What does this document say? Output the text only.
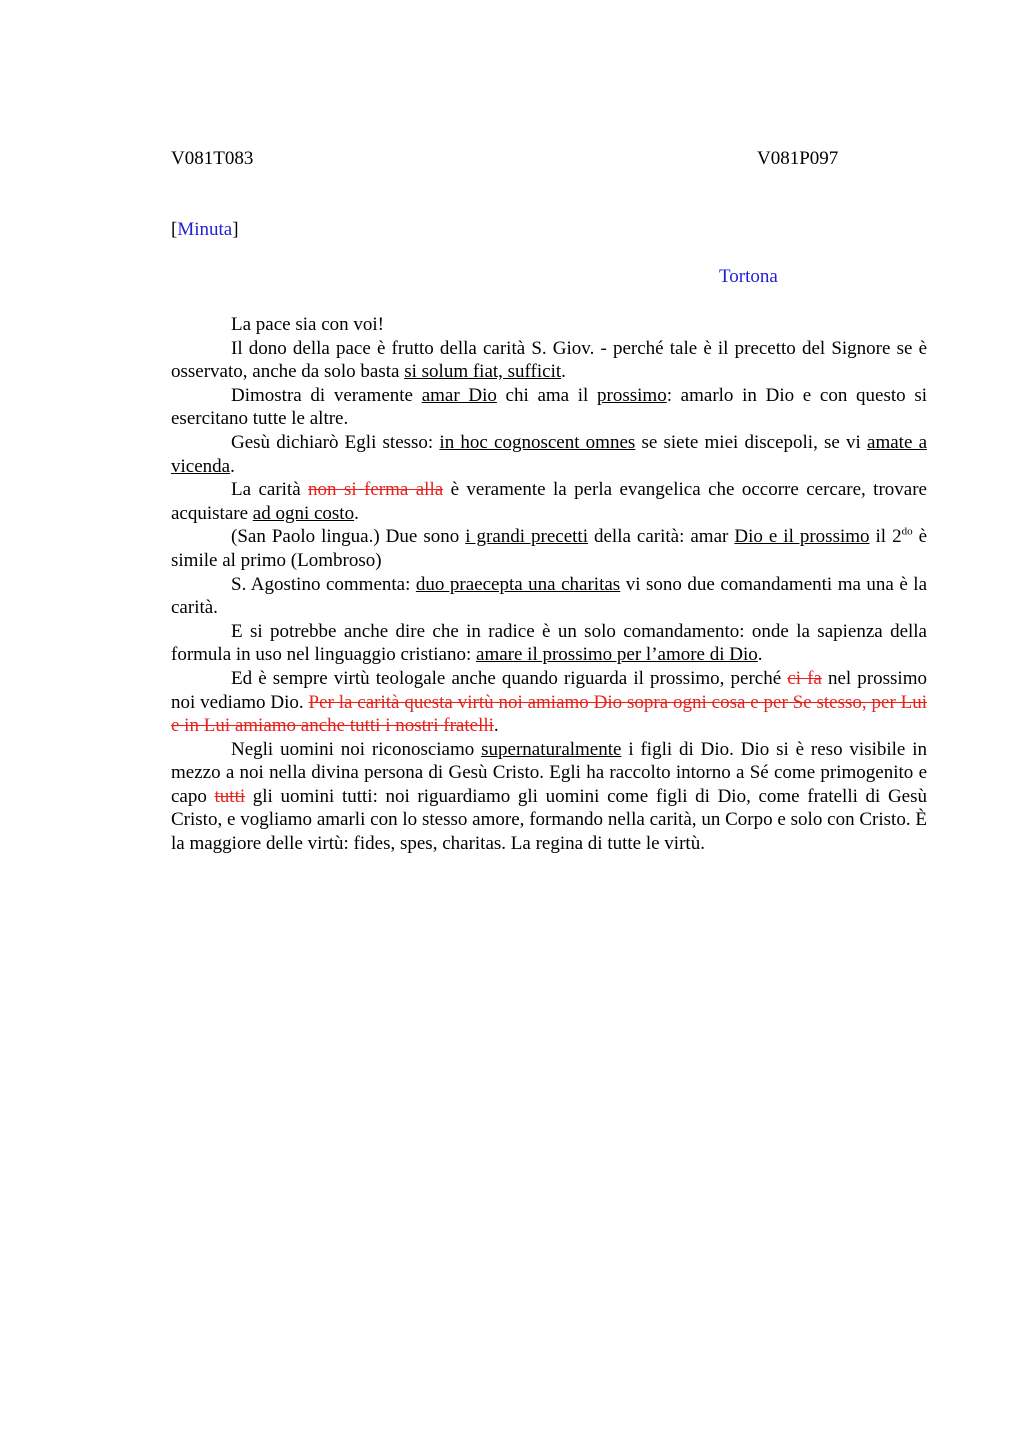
V081T083	V081P097
[Minuta]
Tortona

La pace sia con voi!

Il dono della pace è frutto della carità S. Giov. - perché tale è il precetto del Signore se è osservato, anche da solo basta si solum fiat, sufficit.

Dimostra di veramente amar Dio chi ama il prossimo: amarlo in Dio e con questo si esercitano tutte le altre.

Gesù dichiarò Egli stesso: in hoc cognoscent omnes se siete miei discepoli, se vi amate a vicenda.

La carità non si ferma alla è veramente la perla evangelica che occorre cercare, trovare acquistare ad ogni costo.

(San Paolo lingua.) Due sono i grandi precetti della carità: amar Dio e il prossimo il $2^{do}$ è simile al primo (Lombroso)

S. Agostino commenta: duo praecepta una charitas vi sono due comandamenti ma una è la carità.

E si potrebbe anche dire che in radice è un solo comandamento: onde la sapienza della formula in uso nel linguaggio cristiano: amare il prossimo per l’amore di Dio.

Ed è sempre virtù teologale anche quando riguarda il prossimo, perché ci fa nel prossimo noi vediamo Dio. Per la carità questa virtù noi amiamo Dio sopra ogni cosa e per Se stesso, per Lui e in Lui amiamo anche tutti i nostri fratelli.

Negli uomini noi riconosciamo supernaturalmente i figli di Dio. Dio si è reso visibile in mezzo a noi nella divina persona di Gesù Cristo. Egli ha raccolto intorno a Sé come primogenito e capo tutti gli uomini tutti: noi riguardiamo gli uomini come figli di Dio, come fratelli di Gesù Cristo, e vogliamo amarli con lo stesso amore, formando nella carità, un Corpo e solo con Cristo. È la maggiore delle virtù: fides, spes, charitas. La regina di tutte le virtù.
